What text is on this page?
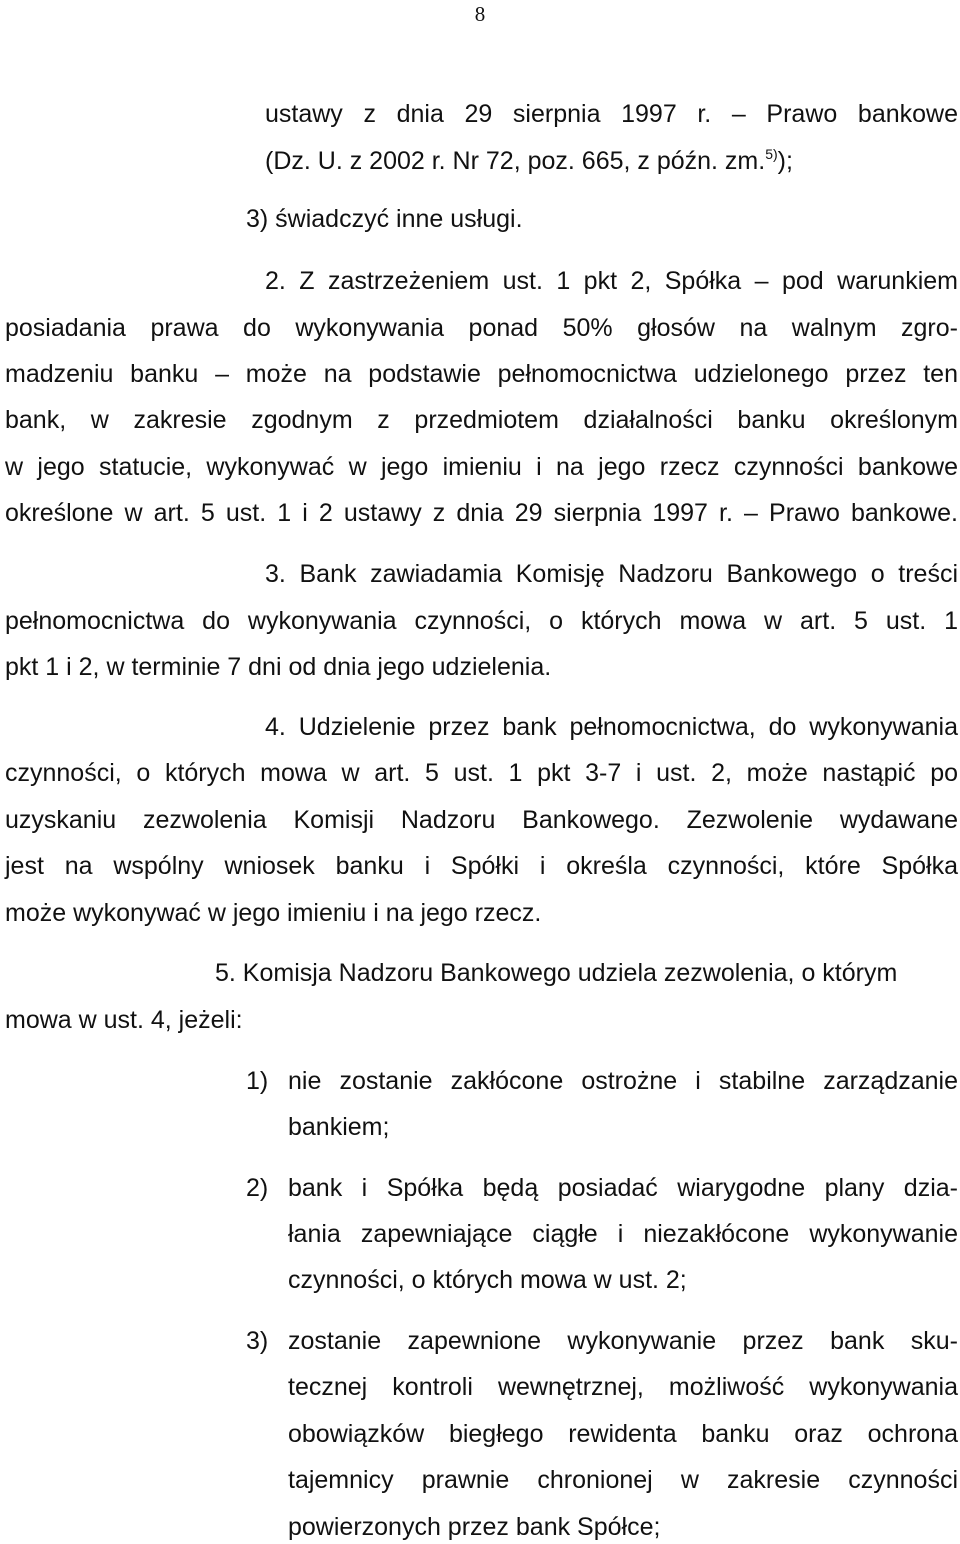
8
ustawy z dnia 29 sierpnia 1997 r. – Prawo bankowe
(Dz. U. z 2002 r. Nr 72, poz. 665, z późn. zm.$^{5)}$);
3) świadczyć inne usługi.
2. Z zastrzeżeniem ust. 1 pkt 2, Spółka – pod warunkiem
posiadania prawa do wykonywania ponad 50% głosów na walnym zgro-
madzeniu banku – może na podstawie pełnomocnictwa udzielonego przez ten
bank, w zakresie zgodnym z przedmiotem działalności banku określonym
w jego statucie, wykonywać w jego imieniu i na jego rzecz czynności bankowe
określone w art. 5 ust. 1 i 2 ustawy z dnia 29 sierpnia 1997 r. – Prawo bankowe.
3. Bank zawiadamia Komisję Nadzoru Bankowego o treści
pełnomocnictwa do wykonywania czynności, o których mowa w art. 5 ust. 1
pkt 1 i 2, w terminie 7 dni od dnia jego udzielenia.
4. Udzielenie przez bank pełnomocnictwa, do wykonywania
czynności, o których mowa w art. 5 ust. 1 pkt 3-7 i ust. 2, może nastąpić po
uzyskaniu zezwolenia Komisji Nadzoru Bankowego. Zezwolenie wydawane
jest na wspólny wniosek banku i Spółki i określa czynności, które Spółka
może wykonywać w jego imieniu i na jego rzecz.
5. Komisja Nadzoru Bankowego udziela zezwolenia, o którym
mowa w ust. 4, jeżeli:
1) nie zostanie zakłócone ostrożne i stabilne zarządzanie
bankiem;
2) bank i Spółka będą posiadać wiarygodne plany dzia-
łania zapewniające ciągłe i niezakłócone wykonywanie
czynności, o których mowa w ust. 2;
3) zostanie zapewnione wykonywanie przez bank sku-
tecznej kontroli wewnętrznej, możliwość wykonywania
obowiązków biegłego rewidenta banku oraz ochrona
tajemnicy prawnie chronionej w zakresie czynności
powierzonych przez bank Spółce;
